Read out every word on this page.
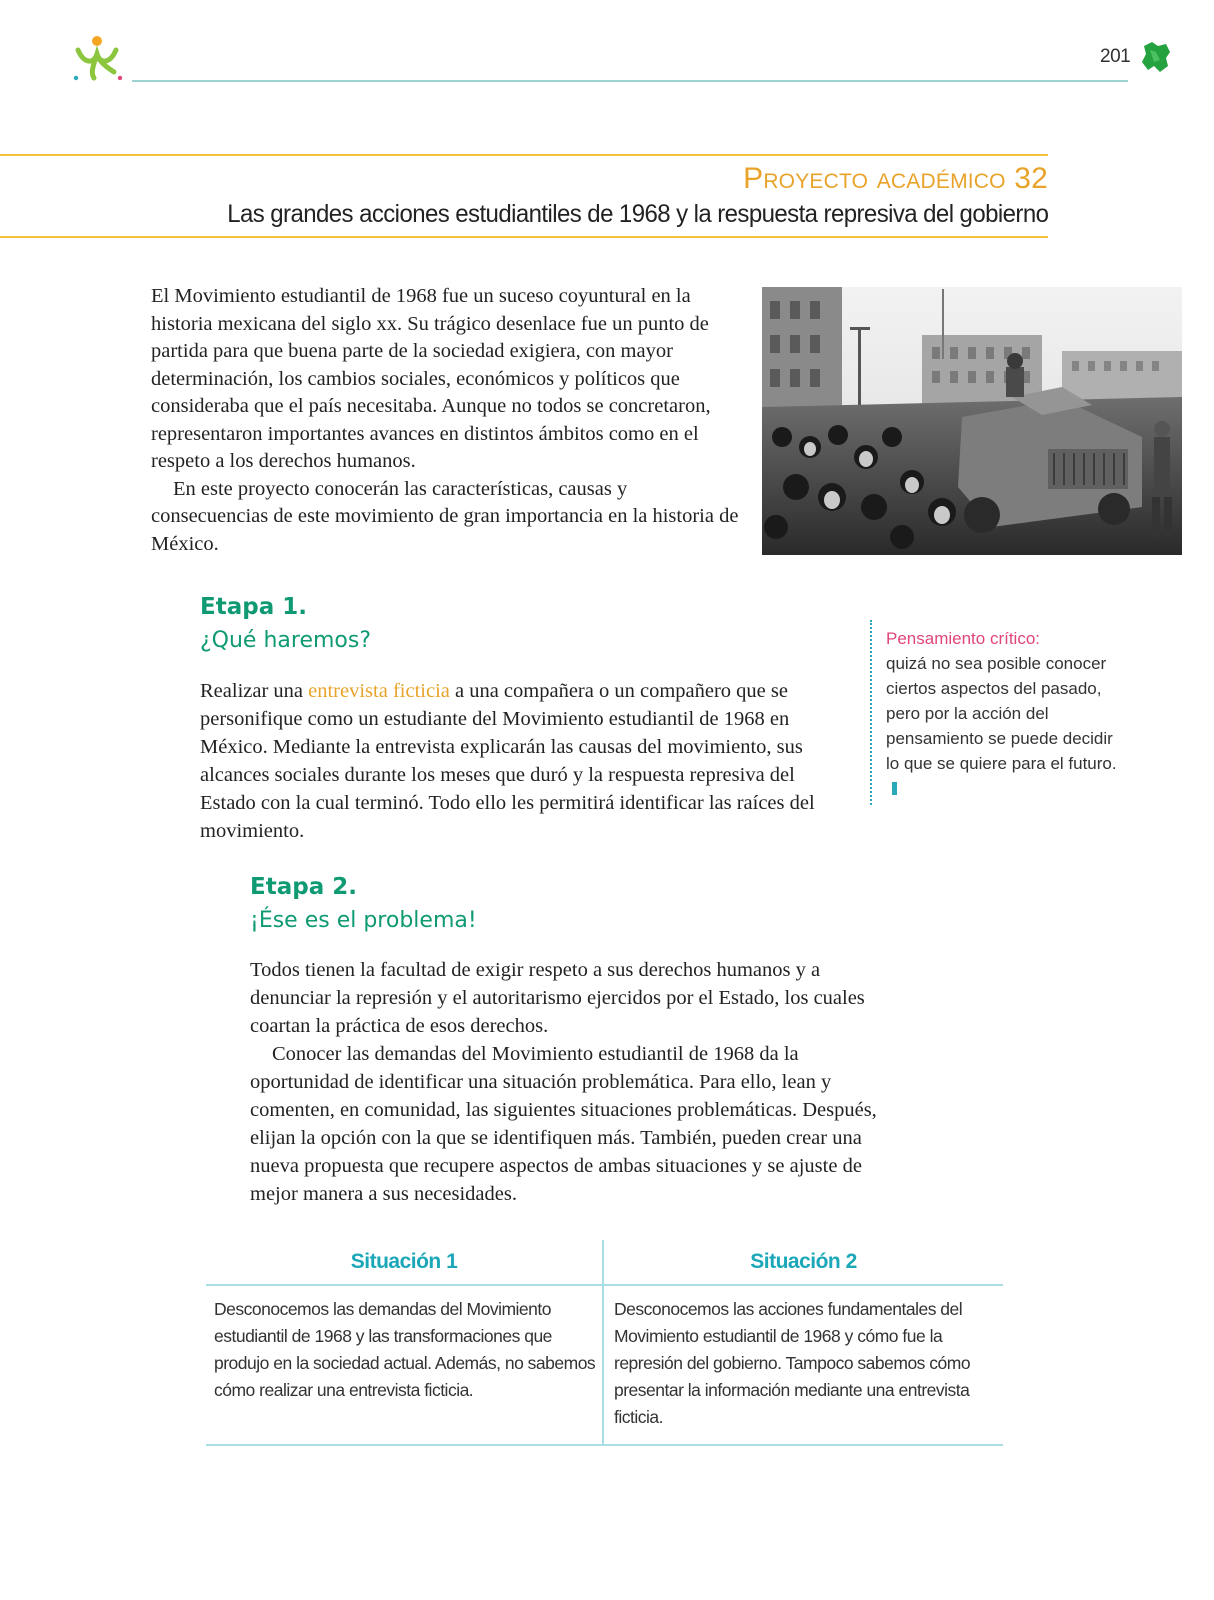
201
Proyecto académico 32
Las grandes acciones estudiantiles de 1968 y la respuesta represiva del gobierno

El Movimiento estudiantil de 1968 fue un suceso coyuntural en la historia mexicana del siglo xx. Su trágico desenlace fue un punto de partida para que buena parte de la sociedad exigiera, con mayor determinación, los cambios sociales, económicos y políticos que consideraba que el país necesitaba. Aunque no todos se concretaron, representaron importantes avances en distintos ámbitos como en el respeto a los derechos humanos.

En este proyecto conocerán las características, causas y consecuencias de este movimiento de gran importancia en la historia de México.

Etapa 1.
¿Qué haremos?

Realizar una entrevista ficticia a una compañera o un compañero que se personifique como un estudiante del Movimiento estudiantil de 1968 en México. Mediante la entrevista explicarán las causas del movimiento, sus alcances sociales durante los meses que duró y la respuesta represiva del Estado con la cual terminó. Todo ello les permitirá identificar las raíces del movimiento.

Pensamiento crítico:
quizá no sea posible conocer ciertos aspectos del pasado, pero por la acción del pensamiento se puede decidir lo que se quiere para el futuro.
Etapa 2.
¡Ése es el problema!

Todos tienen la facultad de exigir respeto a sus derechos humanos y a denunciar la represión y el autoritarismo ejercidos por el Estado, los cuales coartan la práctica de esos derechos.

Conocer las demandas del Movimiento estudiantil de 1968 da la oportunidad de identificar una situación problemática. Para ello, lean y comenten, en comunidad, las siguientes situaciones problemáticas. Después, elijan la opción con la que se identifiquen más. También, pueden crear una nueva propuesta que recupere aspectos de ambas situaciones y se ajuste de mejor manera a sus necesidades.

Situación 1	Situación 2
Desconocemos las demandas del Movimiento estudiantil de 1968 y las transformaciones que produjo en la sociedad actual. Además, no sabemos cómo realizar una entrevista ficticia.
Desconocemos las acciones fundamentales del Movimiento estudiantil de 1968 y cómo fue la represión del gobierno. Tampoco sabemos cómo presentar la información mediante una entrevista ficticia.
